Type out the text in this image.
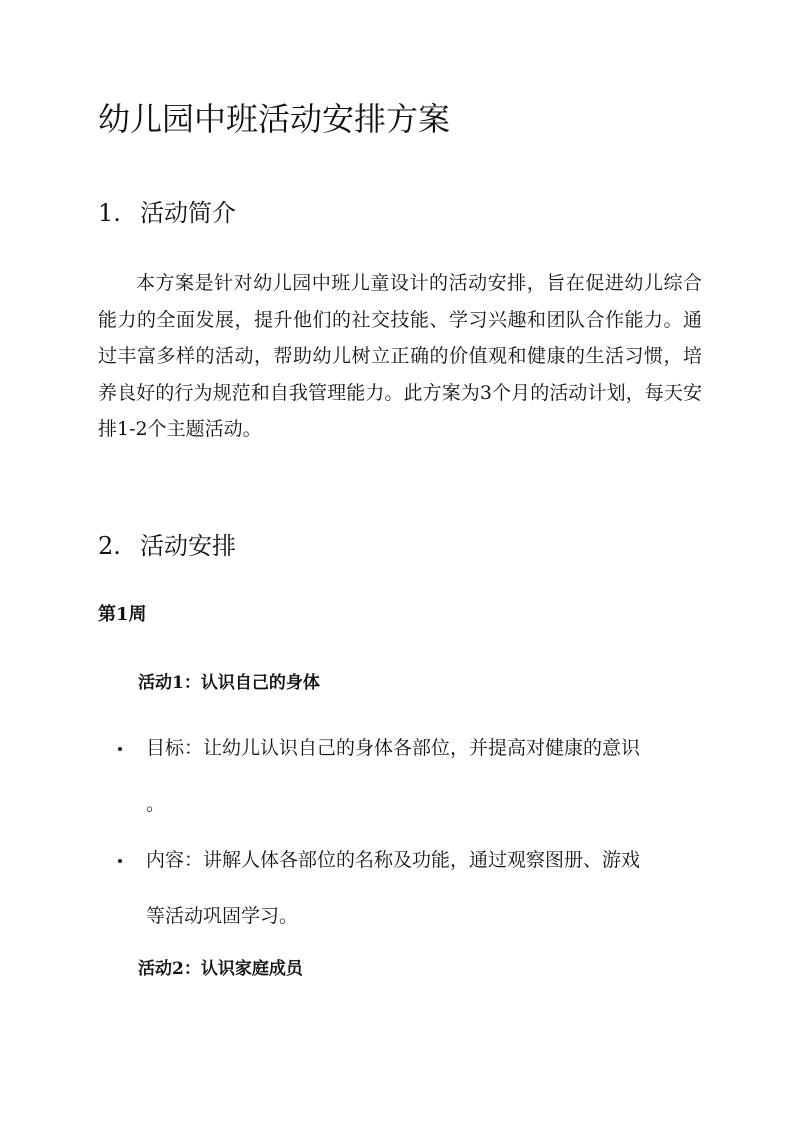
幼儿园中班活动安排方案
1. 活动简介

本方案是针对幼儿园中班儿童设计的活动安排，旨在促进幼儿综合能力的全面发展，提升他们的社交技能、学习兴趣和团队合作能力。通过丰富多样的活动，帮助幼儿树立正确的价值观和健康的生活习惯，培养良好的行为规范和自我管理能力。此方案为3个月的活动计划，每天安排1-2个主题活动。

2. 活动安排
第1周
活动1：认识自己的身体

目标：让幼儿认识自己的身体各部位，并提高对健康的意识
。

内容：讲解人体各部位的名称及功能，通过观察图册、游戏
等活动巩固学习。

活动2：认识家庭成员
